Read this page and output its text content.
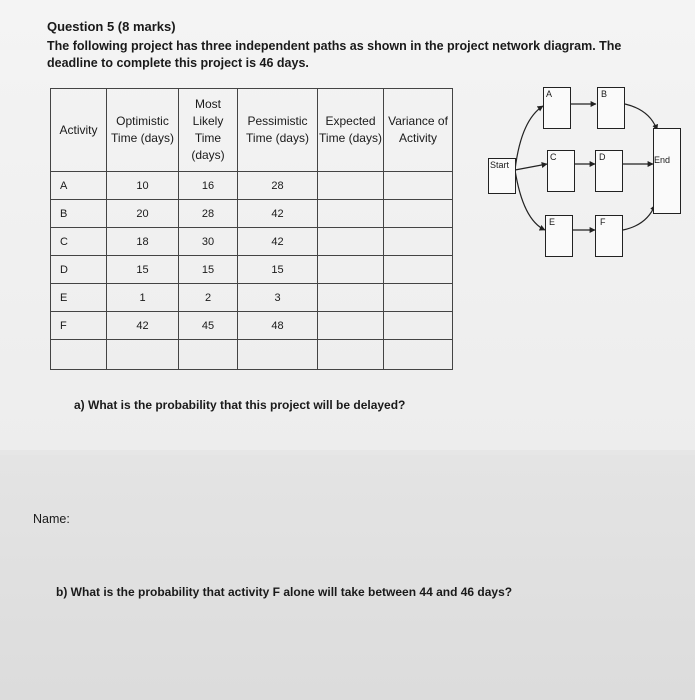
Question 5 (8 marks)
The following project has three independent paths as shown in the project network diagram. The deadline to complete this project is 46 days.
Activity	Optimistic Time (days)	Most Likely Time (days)	Pessimistic Time (days)	Expected Time (days)	Variance of Activity
A	10	16	28		
B	20	28	42		
C	18	30	42		
D	15	15	15		
E	1	2	3		
F	42	45	48		

Start
A	B
C	D
E	F
End
a) What is the probability that this project will be delayed?
Name:
b) What is the probability that activity F alone will take between 44 and 46 days?
